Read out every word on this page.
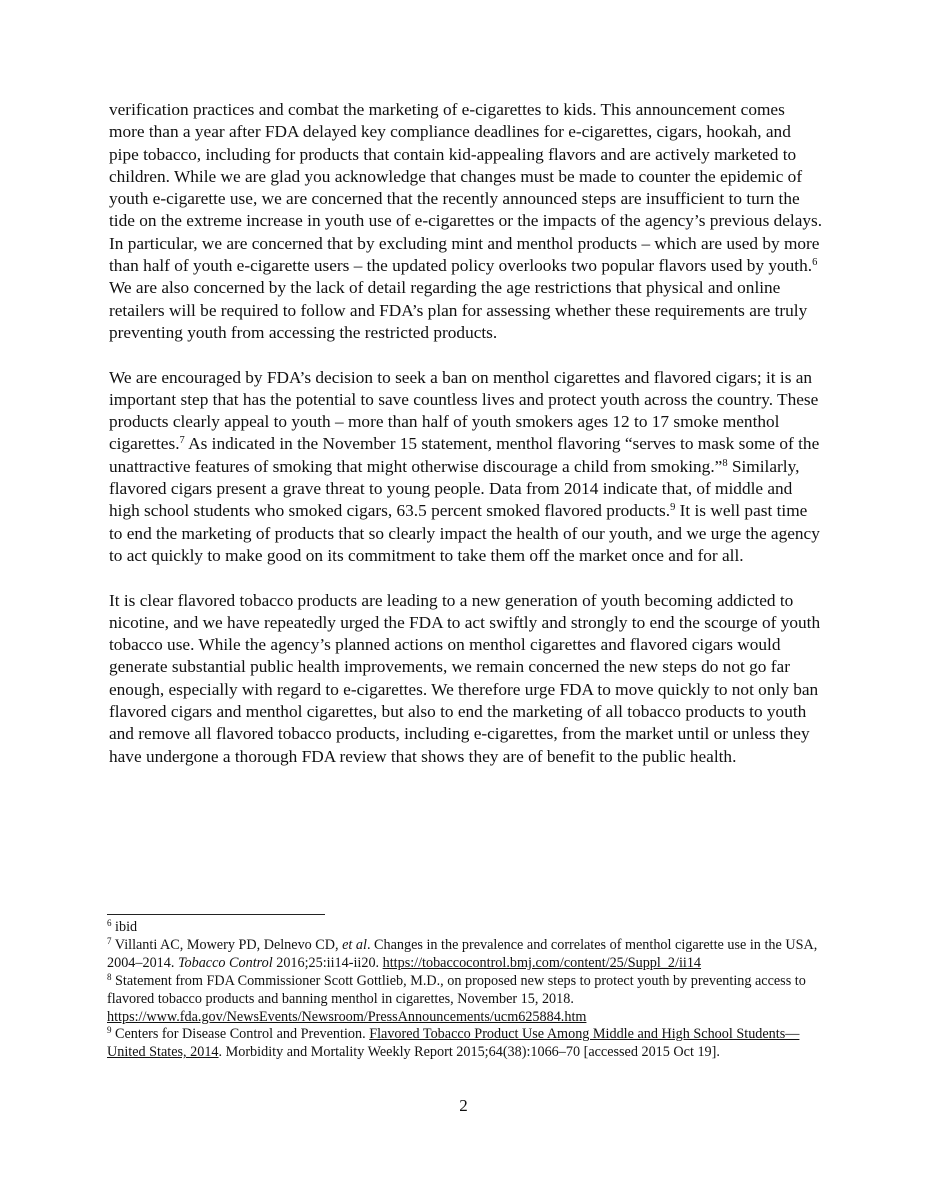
verification practices and combat the marketing of e-cigarettes to kids. This announcement comes more than a year after FDA delayed key compliance deadlines for e-cigarettes, cigars, hookah, and pipe tobacco, including for products that contain kid-appealing flavors and are actively marketed to children. While we are glad you acknowledge that changes must be made to counter the epidemic of youth e-cigarette use, we are concerned that the recently announced steps are insufficient to turn the tide on the extreme increase in youth use of e-cigarettes or the impacts of the agency’s previous delays. In particular, we are concerned that by excluding mint and menthol products – which are used by more than half of youth e-cigarette users – the updated policy overlooks two popular flavors used by youth.$^6$ We are also concerned by the lack of detail regarding the age restrictions that physical and online retailers will be required to follow and FDA’s plan for assessing whether these requirements are truly preventing youth from accessing the restricted products.

We are encouraged by FDA’s decision to seek a ban on menthol cigarettes and flavored cigars; it is an important step that has the potential to save countless lives and protect youth across the country. These products clearly appeal to youth – more than half of youth smokers ages 12 to 17 smoke menthol cigarettes.$^7$ As indicated in the November 15 statement, menthol flavoring “serves to mask some of the unattractive features of smoking that might otherwise discourage a child from smoking.”$^8$ Similarly, flavored cigars present a grave threat to young people. Data from 2014 indicate that, of middle and high school students who smoked cigars, 63.5 percent smoked flavored products.$^9$ It is well past time to end the marketing of products that so clearly impact the health of our youth, and we urge the agency to act quickly to make good on its commitment to take them off the market once and for all.

It is clear flavored tobacco products are leading to a new generation of youth becoming addicted to nicotine, and we have repeatedly urged the FDA to act swiftly and strongly to end the scourge of youth tobacco use. While the agency’s planned actions on menthol cigarettes and flavored cigars would generate substantial public health improvements, we remain concerned the new steps do not go far enough, especially with regard to e-cigarettes. We therefore urge FDA to move quickly to not only ban flavored cigars and menthol cigarettes, but also to end the marketing of all tobacco products to youth and remove all flavored tobacco products, including e-cigarettes, from the market until or unless they have undergone a thorough FDA review that shows they are of benefit to the public health.

$^6$ ibid

$^7$ Villanti AC, Mowery PD, Delnevo CD, et al. Changes in the prevalence and correlates of menthol cigarette use in the USA, 2004–2014. Tobacco Control 2016;25:ii14-ii20. https://tobaccocontrol.bmj.com/content/25/Suppl_2/ii14

$^8$ Statement from FDA Commissioner Scott Gottlieb, M.D., on proposed new steps to protect youth by preventing access to flavored tobacco products and banning menthol in cigarettes, November 15, 2018. https://www.fda.gov/NewsEvents/Newsroom/PressAnnouncements/ucm625884.htm

$^9$ Centers for Disease Control and Prevention. Flavored Tobacco Product Use Among Middle and High School Students—United States, 2014. Morbidity and Mortality Weekly Report 2015;64(38):1066–70 [accessed 2015 Oct 19].

2
